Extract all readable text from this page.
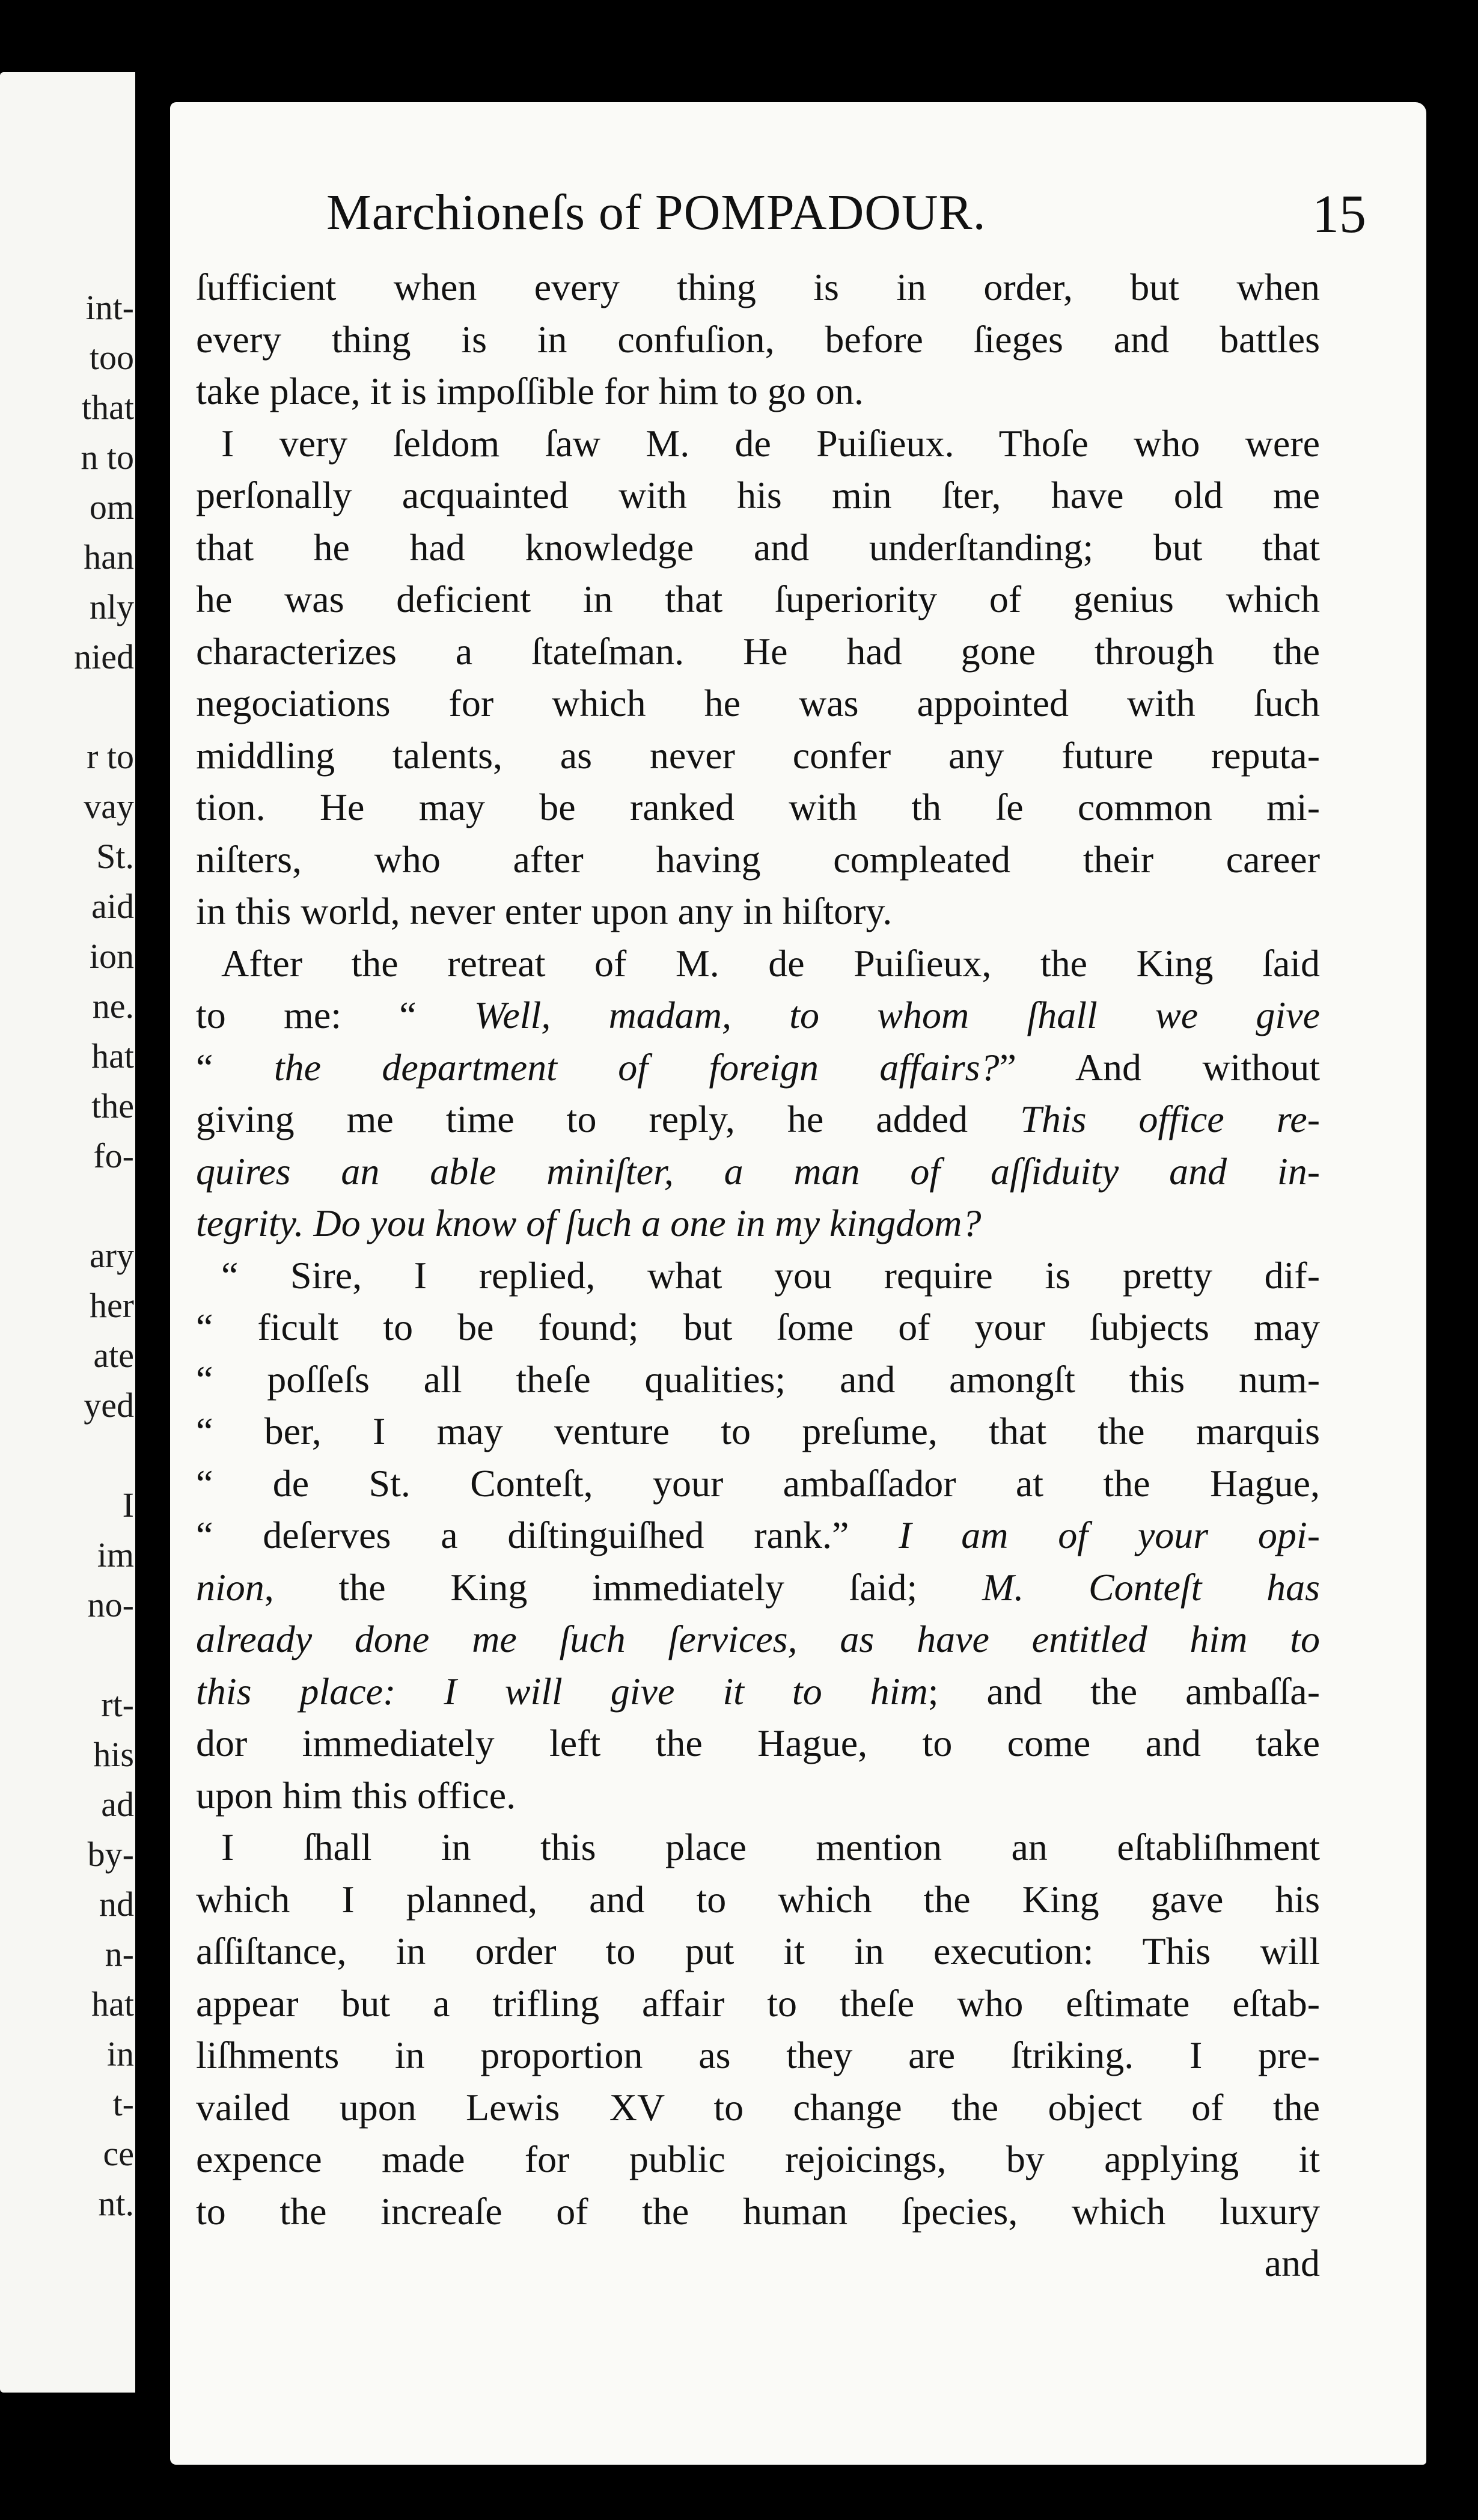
int-
too
that
n to
om
han
nly
nied
r to
vay
St.
aid
ion
ne.
hat
the
fo-
ary
her
ate
yed
I
im
no-
rt-
his
ad
by-
nd
n-
hat
in
t-
ce
nt.
Marchioneſs of POMPADOUR.	15
ſufficient when every thing is in order, but when
every thing is in confuſion, before ſieges and battles
take place, it is impoſſible for him to go on.
I very ſeldom ſaw M. de Puiſieux. Thoſe who were
perſonally acquainted with his min ſter, have old me
that he had knowledge and underſtanding; but that
he was deficient in that ſuperiority of genius which
characterizes a ſtateſman. He had gone through the
negociations for which he was appointed with ſuch
middling talents, as never confer any future reputa-
tion. He may be ranked with th ſe common mi-
niſters, who after having compleated their career
in this world, never enter upon any in hiſtory.
After the retreat of M. de Puiſieux, the King ſaid
to me: “ Well, madam, to whom ſhall we give
“ the department of foreign affairs?” And without
giving me time to reply, he added This office re-
quires an able miniſter, a man of aſſiduity and in-
tegrity. Do you know of ſuch a one in my kingdom?
“ Sire, I replied, what you require is pretty dif-
“ ficult to be found; but ſome of your ſubjects may
“ poſſeſs all theſe qualities; and amongſt this num-
“ ber, I may venture to preſume, that the marquis
“ de St. Conteſt, your ambaſſador at the Hague,
“ deſerves a diſtinguiſhed rank.” I am of your opi-
nion, the King immediately ſaid; M. Conteſt has
already done me ſuch ſervices, as have entitled him to
this place: I will give it to him; and the ambaſſa-
dor immediately left the Hague, to come and take
upon him this office.
I ſhall in this place mention an eſtabliſhment
which I planned, and to which the King gave his
aſſiſtance, in order to put it in execution: This will
appear but a trifling affair to theſe who eſtimate eſtab-
liſhments in proportion as they are ſtriking. I pre-
vailed upon Lewis XV to change the object of the
expence made for public rejoicings, by applying it
to the increaſe of the human ſpecies, which luxury
and
